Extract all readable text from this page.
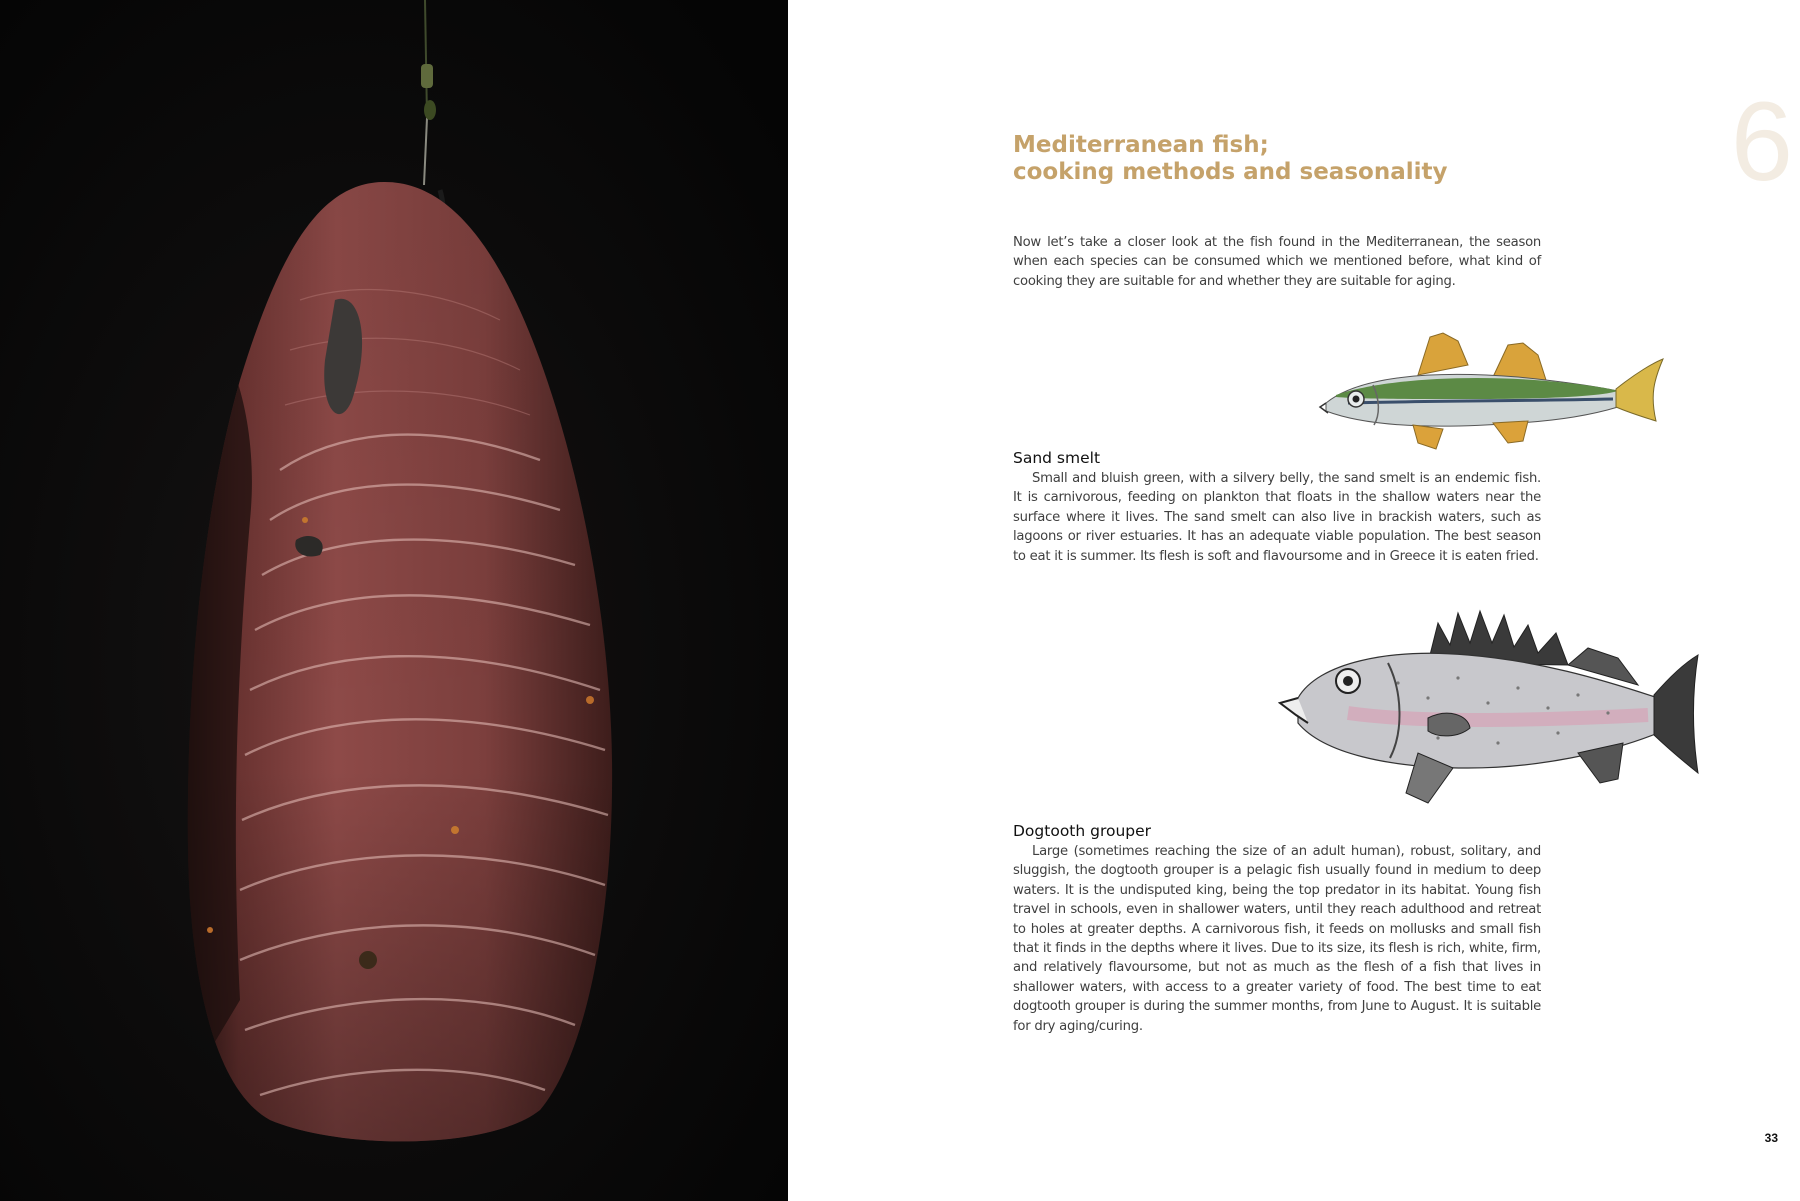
6
Mediterranean fish;
cooking methods and seasonality

Now let’s take a closer look at the fish found in the Mediterranean, the season when each species can be consumed which we mentioned before, what kind of cooking they are suitable for and whether they are suitable for aging.

Sand smelt

Small and bluish green, with a silvery belly, the sand smelt is an endemic fish. It is carnivorous, feeding on plankton that floats in the shallow waters near the surface where it lives. The sand smelt can also live in brackish waters, such as lagoons or river estuaries. It has an adequate viable population. The best season to eat it is summer. Its flesh is soft and flavoursome and in Greece it is eaten fried.

Dogtooth grouper

Large (sometimes reaching the size of an adult human), robust, solitary, and sluggish, the dogtooth grouper is a pelagic fish usually found in medium to deep waters. It is the undisputed king, being the top predator in its habitat. Young fish travel in schools, even in shallower waters, until they reach adulthood and retreat to holes at greater depths. A carnivorous fish, it feeds on mollusks and small fish that it finds in the depths where it lives. Due to its size, its flesh is rich, white, firm, and relatively flavoursome, but not as much as the flesh of a fish that lives in shallower waters, with access to a greater variety of food. The best time to eat dogtooth grouper is during the summer months, from June to August. It is suitable for dry aging/curing.

33
